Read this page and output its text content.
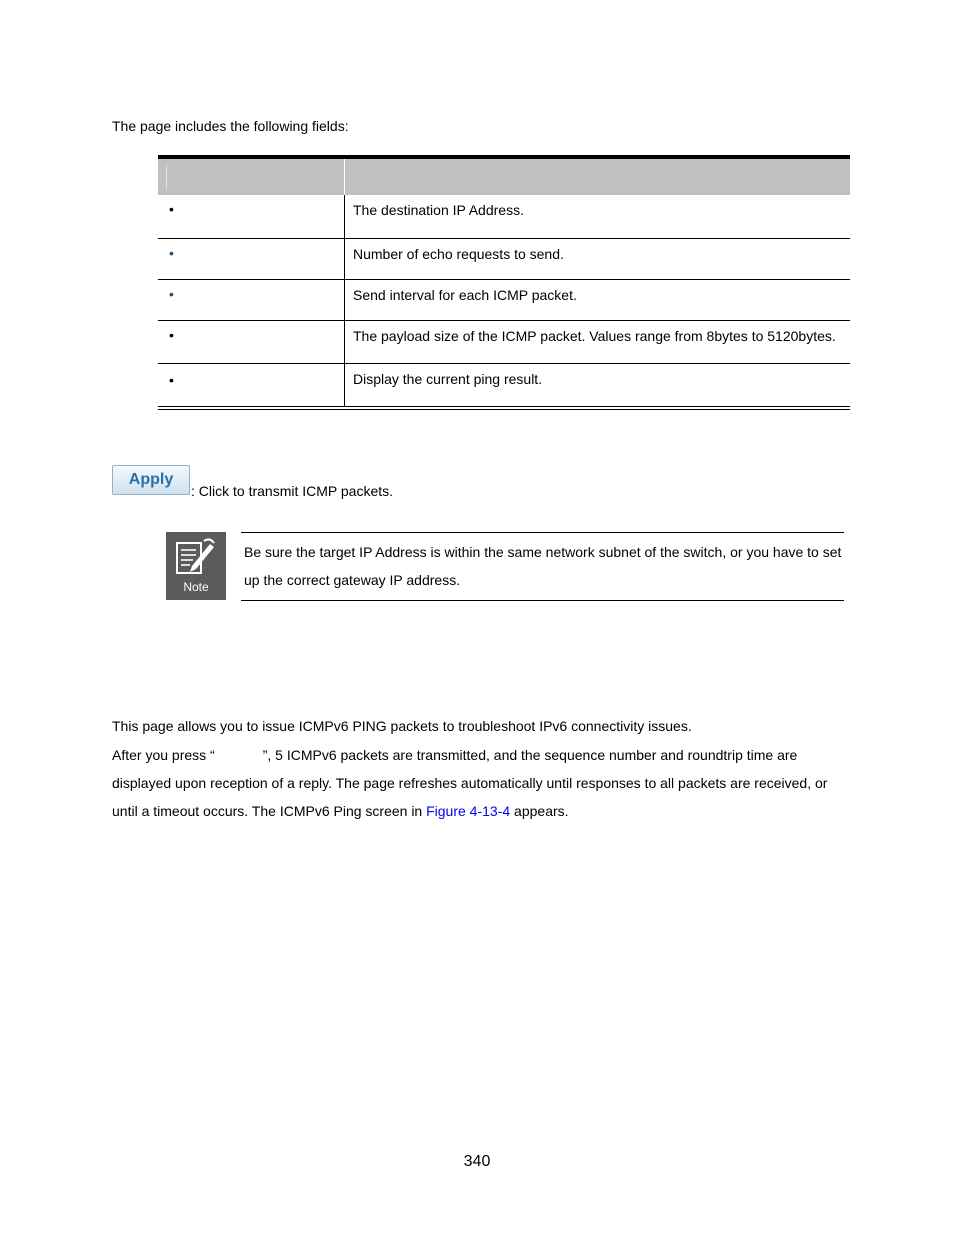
The page includes the following fields:
•	The destination IP Address.
•	Number of echo requests to send.
•	Send interval for each ICMP packet.
•	The payload size of the ICMP packet. Values range from 8bytes to 5120bytes.
•	Display the current ping result.
Apply
: Click to transmit ICMP packets.
Note
Be sure the target IP Address is within the same network subnet of the switch, or you have to set up the correct gateway IP address.
This page allows you to issue ICMPv6 PING packets to troubleshoot IPv6 connectivity issues.
After you press “	”, 5 ICMPv6 packets are transmitted, and the sequence number and roundtrip time are displayed upon reception of a reply. The page refreshes automatically until responses to all packets are received, or until a timeout occurs. The ICMPv6 Ping screen in Figure 4-13-4 appears.
340
